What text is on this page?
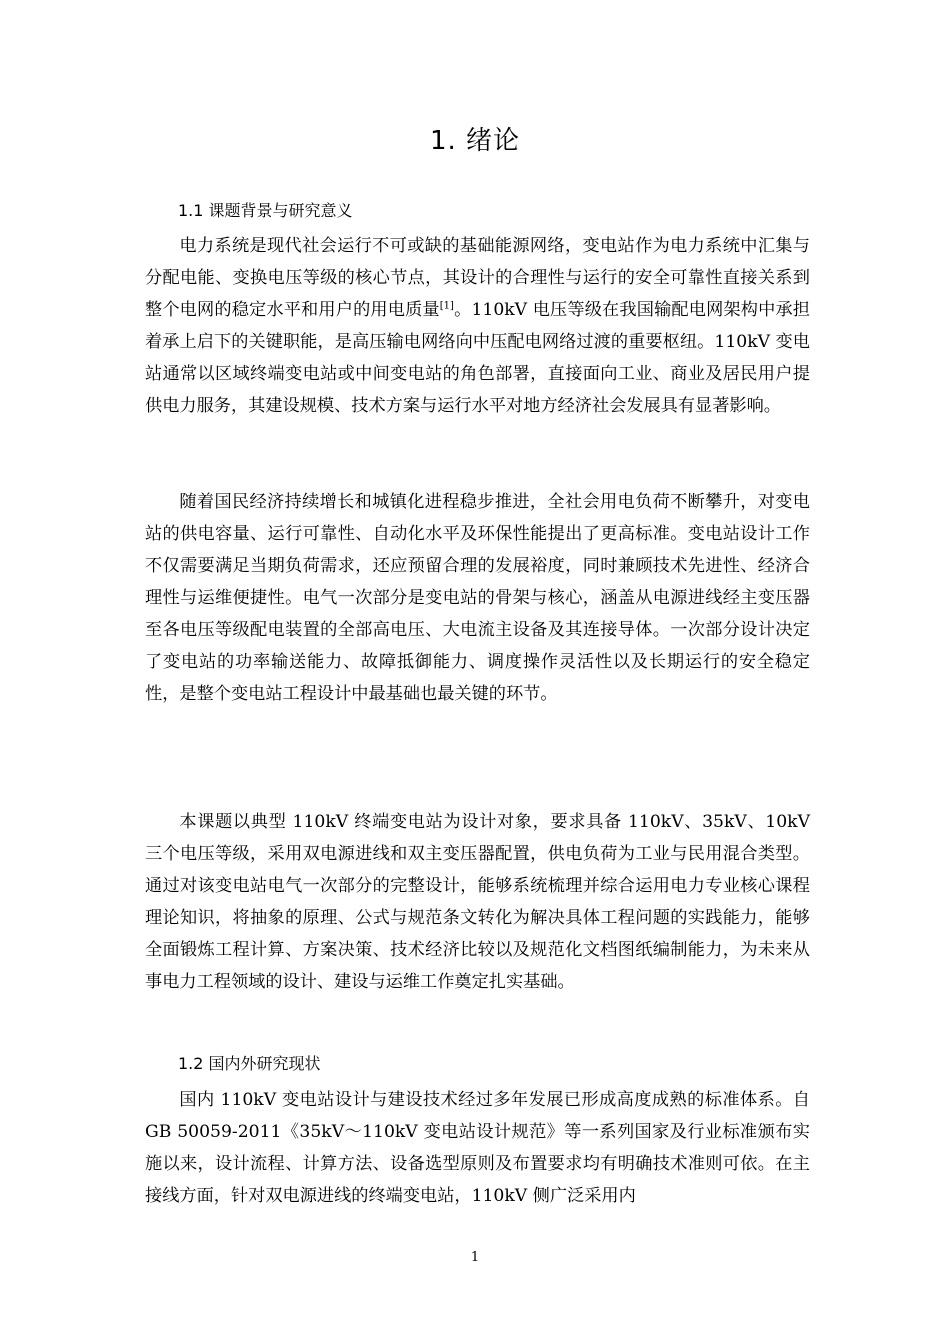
1. 绪论
1.1 课题背景与研究意义

电力系统是现代社会运行不可或缺的基础能源网络，变电站作为电力系统中汇集与分配电能、变换电压等级的核心节点，其设计的合理性与运行的安全可靠性直接关系到整个电网的稳定水平和用户的用电质量[1]。110kV 电压等级在我国输配电网架构中承担着承上启下的关键职能，是高压输电网络向中压配电网络过渡的重要枢纽。110kV 变电站通常以区域终端变电站或中间变电站的角色部署，直接面向工业、商业及居民用户提供电力服务，其建设规模、技术方案与运行水平对地方经济社会发展具有显著影响。

随着国民经济持续增长和城镇化进程稳步推进，全社会用电负荷不断攀升，对变电站的供电容量、运行可靠性、自动化水平及环保性能提出了更高标准。变电站设计工作不仅需要满足当期负荷需求，还应预留合理的发展裕度，同时兼顾技术先进性、经济合理性与运维便捷性。电气一次部分是变电站的骨架与核心，涵盖从电源进线经主变压器至各电压等级配电装置的全部高电压、大电流主设备及其连接导体。一次部分设计决定了变电站的功率输送能力、故障抵御能力、调度操作灵活性以及长期运行的安全稳定性，是整个变电站工程设计中最基础也最关键的环节。

本课题以典型 110kV 终端变电站为设计对象，要求具备 110kV、35kV、10kV 三个电压等级，采用双电源进线和双主变压器配置，供电负荷为工业与民用混合类型。通过对该变电站电气一次部分的完整设计，能够系统梳理并综合运用电力专业核心课程理论知识，将抽象的原理、公式与规范条文转化为解决具体工程问题的实践能力，能够全面锻炼工程计算、方案决策、技术经济比较以及规范化文档图纸编制能力，为未来从事电力工程领域的设计、建设与运维工作奠定扎实基础。

1.2 国内外研究现状

国内 110kV 变电站设计与建设技术经过多年发展已形成高度成熟的标准体系。自 GB 50059-2011《35kV～110kV 变电站设计规范》等一系列国家及行业标准颁布实施以来，设计流程、计算方法、设备选型原则及布置要求均有明确技术准则可依。在主接线方面，针对双电源进线的终端变电站，110kV 侧广泛采用内

1
